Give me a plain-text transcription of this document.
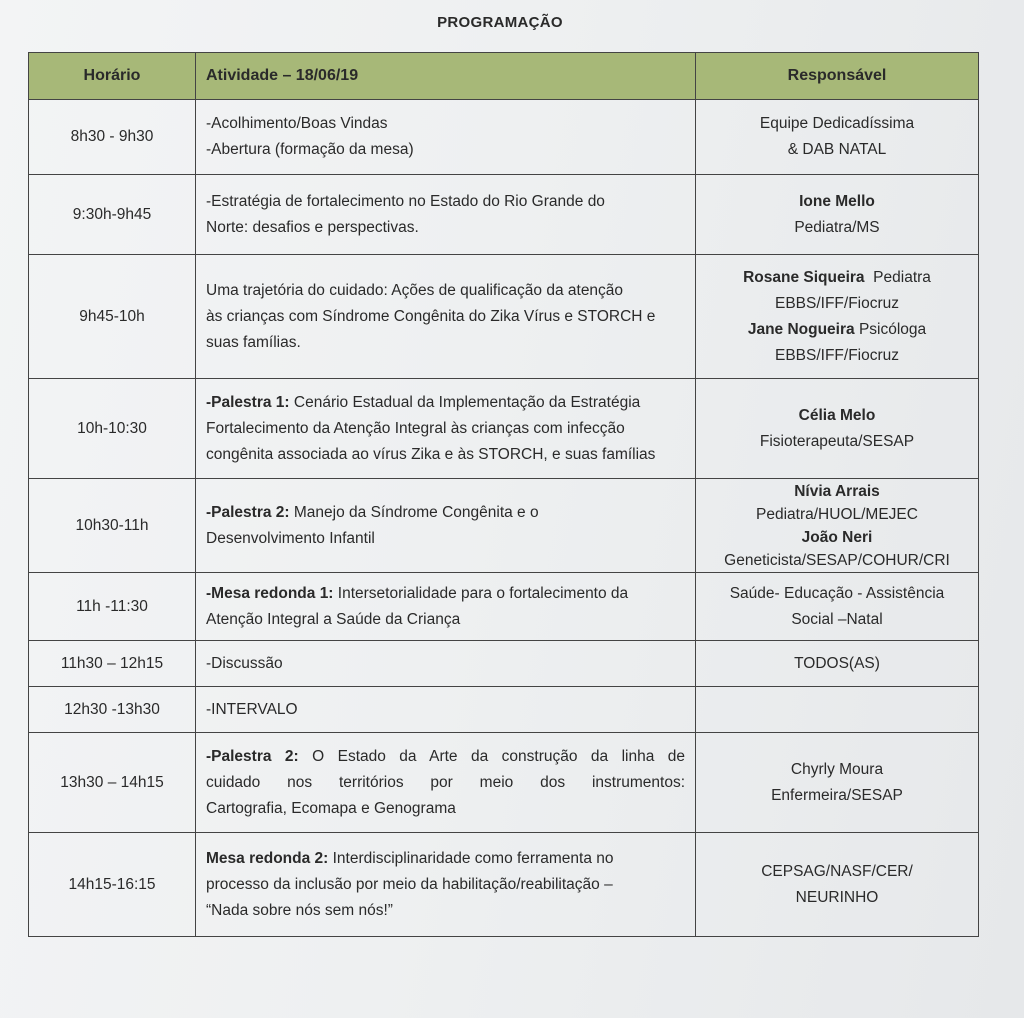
PROGRAMAÇÃO
Horário	Atividade – 18/06/19	Responsável
8h30 - 9h30	-Acolhimento/Boas Vindas
-Abertura (formação da mesa)	Equipe Dedicadíssima
& DAB NATAL

9:30h-9h45	-Estratégia de fortalecimento no Estado do Rio Grande do
Norte: desafios e perspectivas.	Ione Mello
Pediatra/MS

9h45-10h	Uma trajetória do cuidado: Ações de qualificação da atenção
às crianças com Síndrome Congênita do Zika Vírus e STORCH e
suas famílias.	Rosane Siqueira Pediatra
EBBS/IFF/Fiocruz
Jane Nogueira Psicóloga
EBBS/IFF/Fiocruz

10h-10:30	-Palestra 1: Cenário Estadual da Implementação da Estratégia
Fortalecimento da Atenção Integral às crianças com infecção
congênita associada ao vírus Zika e às STORCH, e suas famílias	Célia Melo
Fisioterapeuta/SESAP

10h30-11h	-Palestra 2: Manejo da Síndrome Congênita e o
Desenvolvimento Infantil	Nívia Arrais
Pediatra/HUOL/MEJEC
João Neri
Geneticista/SESAP/COHUR/CRI

11h -11:30	-Mesa redonda 1: Intersetorialidade para o fortalecimento da
Atenção Integral a Saúde da Criança	Saúde- Educação - Assistência
Social –Natal

11h30 – 12h15	-Discussão	TODOS(AS)
12h30 -13h30	-INTERVALO	
13h30 – 14h15	-Palestra 2: O Estado da Arte da construção da linha de
cuidado nos territórios por meio dos instrumentos:
Cartografia, Ecomapa e Genograma	Chyrly Moura
Enfermeira/SESAP

14h15-16:15	Mesa redonda 2: Interdisciplinaridade como ferramenta no
processo da inclusão por meio da habilitação/reabilitação –
“Nada sobre nós sem nós!”	CEPSAG/NASF/CER/
NEURINHO
